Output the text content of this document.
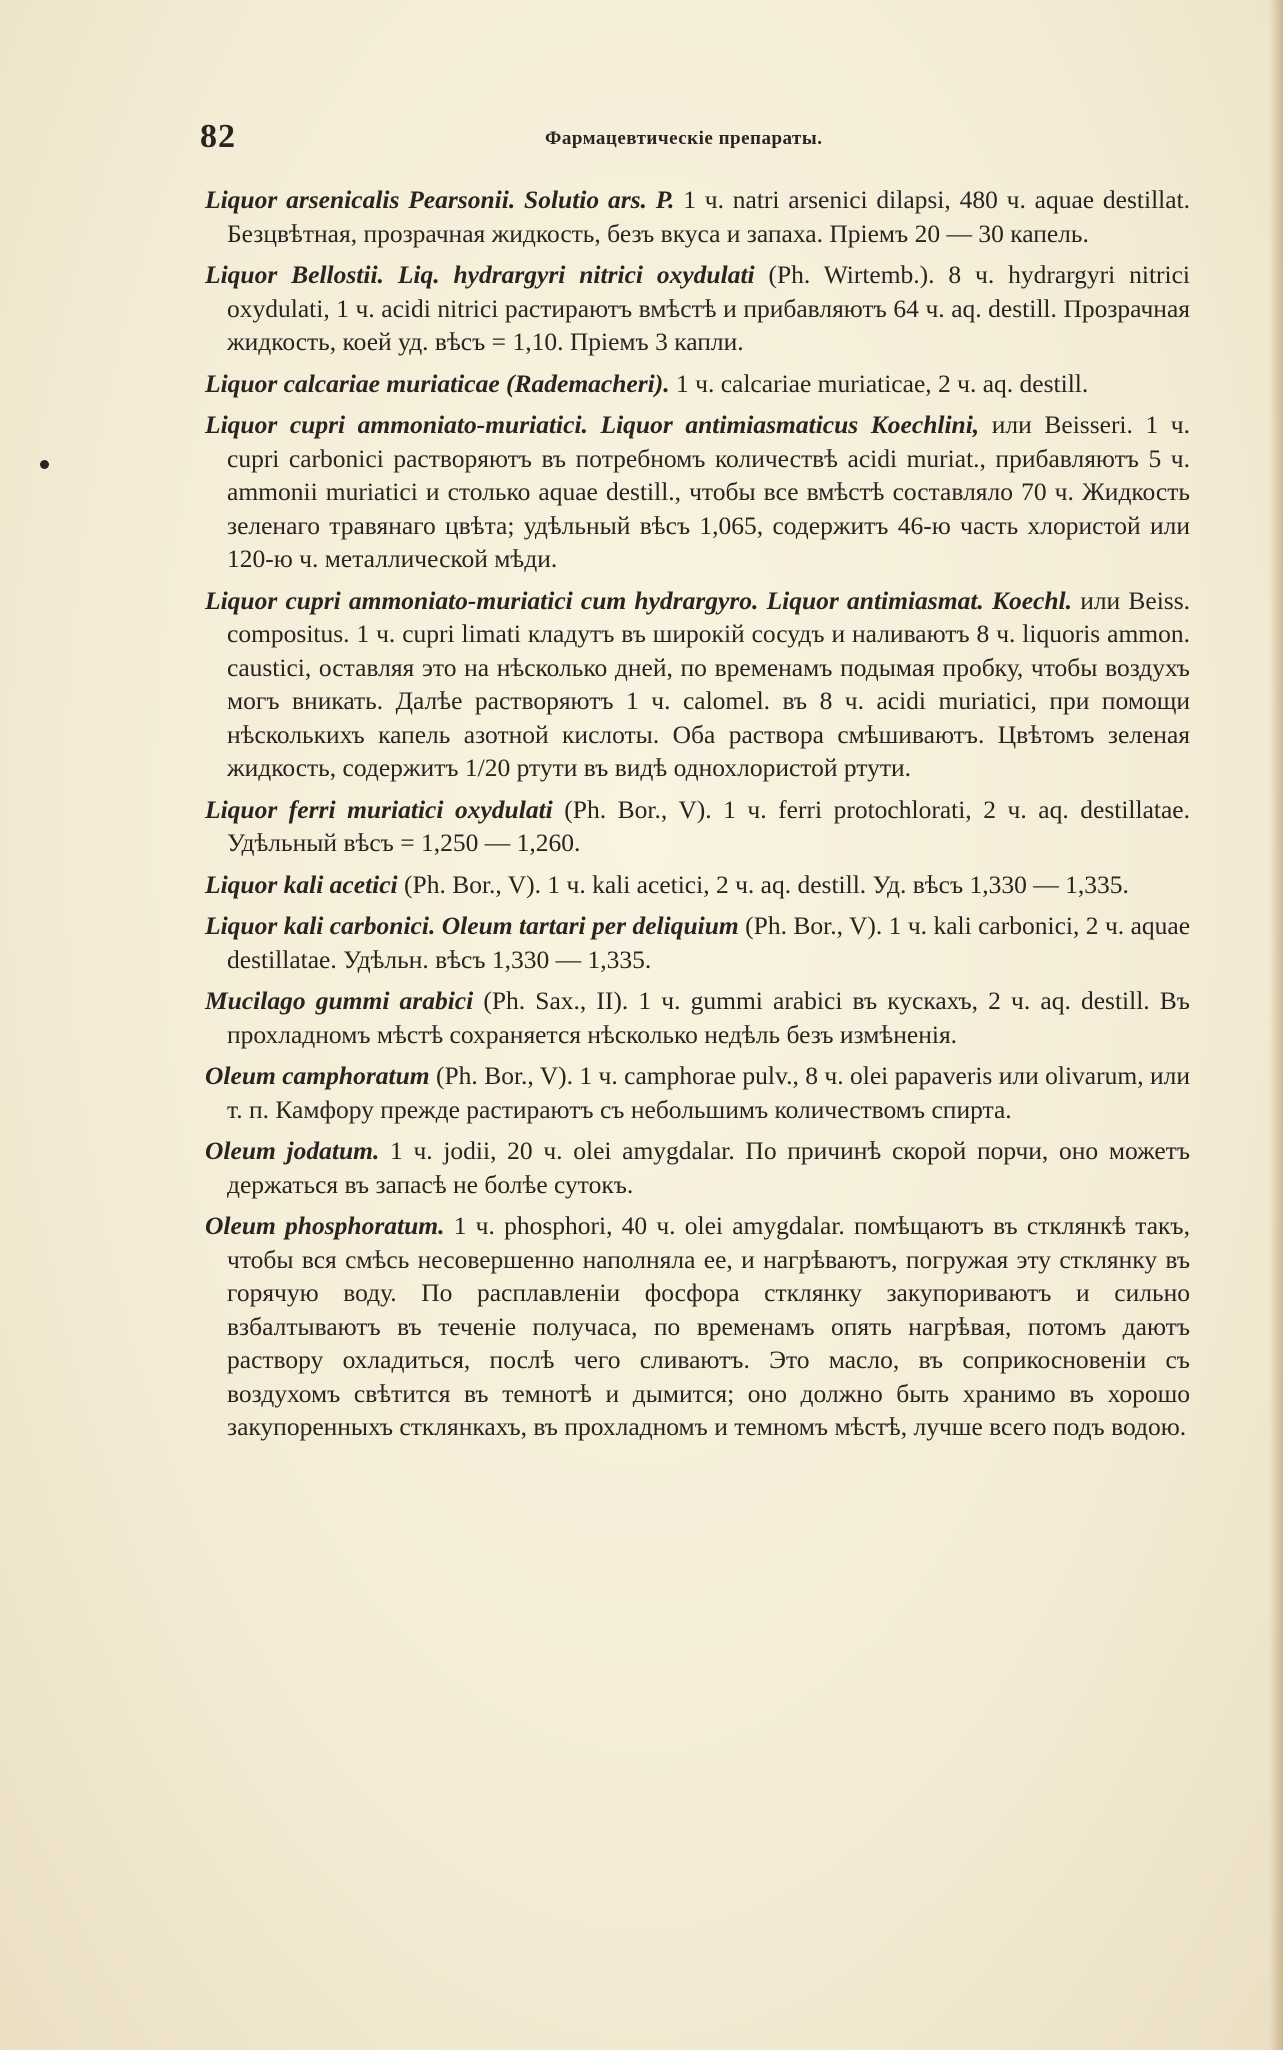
82	Фармацевтическіе препараты.

Liquor arsenicalis Pearsonii. Solutio ars. P. 1 ч. natri arsenici dilapsi, 480 ч. aquae destillat. Безцвѣтная, прозрачная жидкость, безъ вкуса и запаха. Пріемъ 20 — 30 капель.

Liquor Bellostii. Liq. hydrargyri nitrici oxydulati (Ph. Wirtemb.). 8 ч. hydrargyri nitrici oxydulati, 1 ч. acidi nitrici растираютъ вмѣстѣ и прибавляютъ 64 ч. aq. destill. Прозрачная жидкость, коей уд. вѣсъ = 1,10. Пріемъ 3 капли.

Liquor calcariae muriaticae (Rademacheri). 1 ч. calcariae muriaticae, 2 ч. aq. destill.

Liquor cupri ammoniato-muriatici. Liquor antimiasmaticus Koechlini, или Beisseri. 1 ч. cupri carbonici растворяютъ въ потребномъ количествѣ acidi muriat., прибавляютъ 5 ч. ammonii muriatici и столько aquae destill., чтобы все вмѣстѣ составляло 70 ч. Жидкость зеленаго травянаго цвѣта; удѣльный вѣсъ 1,065, содержитъ 46-ю часть хлористой или 120-ю ч. металлической мѣди.

Liquor cupri ammoniato-muriatici cum hydrargyro. Liquor antimiasmat. Koechl. или Beiss. compositus. 1 ч. cupri limati кладутъ въ широкій сосудъ и наливаютъ 8 ч. liquoris ammon. caustici, оставляя это на нѣсколько дней, по временамъ подымая пробку, чтобы воздухъ могъ вникать. Далѣе растворяютъ 1 ч. calomel. въ 8 ч. acidi muriatici, при помощи нѣсколькихъ капель азотной кислоты. Оба раствора смѣшиваютъ. Цвѣтомъ зеленая жидкость, содержитъ 1/20 ртути въ видѣ однохлористой ртути.

Liquor ferri muriatici oxydulati (Ph. Bor., V). 1 ч. ferri protochlorati, 2 ч. aq. destillatae. Удѣльный вѣсъ = 1,250 — 1,260.

Liquor kali acetici (Ph. Bor., V). 1 ч. kali acetici, 2 ч. aq. destill. Уд. вѣсъ 1,330 — 1,335.

Liquor kali carbonici. Oleum tartari per deliquium (Ph. Bor., V). 1 ч. kali carbonici, 2 ч. aquae destillatae. Удѣльн. вѣсъ 1,330 — 1,335.

Mucilago gummi arabici (Ph. Sax., II). 1 ч. gummi arabici въ кускахъ, 2 ч. aq. destill. Въ прохладномъ мѣстѣ сохраняется нѣсколько недѣль безъ измѣненія.

Oleum camphoratum (Ph. Bor., V). 1 ч. camphorae pulv., 8 ч. olei papaveris или olivarum, или т. п. Камфору прежде растираютъ съ небольшимъ количествомъ спирта.

Oleum jodatum. 1 ч. jodii, 20 ч. olei amygdalar. По причинѣ скорой порчи, оно можетъ держаться въ запасѣ не болѣе сутокъ.

Oleum phosphoratum. 1 ч. phosphori, 40 ч. olei amygdalar. помѣщаютъ въ стклянкѣ такъ, чтобы вся смѣсь несовершенно наполняла ее, и нагрѣваютъ, погружая эту стклянку въ горячую воду. По расплавленіи фосфора стклянку закупориваютъ и сильно взбалтываютъ въ теченіе получаса, по временамъ опять нагрѣвая, потомъ даютъ раствору охладиться, послѣ чего сливаютъ. Это масло, въ соприкосновеніи съ воздухомъ свѣтится въ темнотѣ и дымится; оно должно быть хранимо въ хорошо закупоренныхъ стклянкахъ, въ прохладномъ и темномъ мѣстѣ, лучше всего подъ водою.
